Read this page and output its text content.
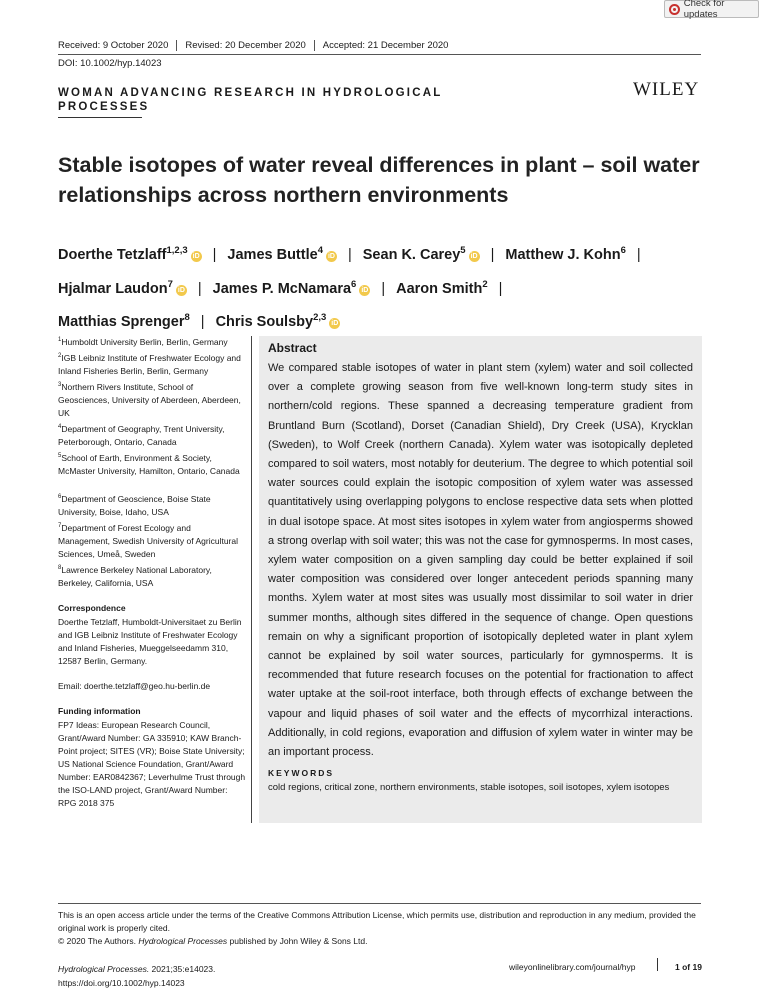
Check for updates
Received: 9 October 2020	Revised: 20 December 2020	Accepted: 21 December 2020
DOI: 10.1002/hyp.14023
WOMAN ADVANCING RESEARCH IN HYDROLOGICAL PROCESSES
WILEY
Stable isotopes of water reveal differences in plant – soil water relationships across northern environments
Doerthe Tetzlaff$^{1,2,3}$iD | James Buttle$^4$iD | Sean K. Carey$^5$iD | Matthew J. Kohn$^6$ |
Hjalmar Laudon$^7$iD | James P. McNamara$^6$iD | Aaron Smith$^2$ |
Matthias Sprenger$^8$ | Chris Soulsby$^{2,3}$iD
$^1$Humboldt University Berlin, Berlin, Germany
$^2$IGB Leibniz Institute of Freshwater Ecology and Inland Fisheries Berlin, Berlin, Germany
$^3$Northern Rivers Institute, School of Geosciences, University of Aberdeen, Aberdeen, UK
$^4$Department of Geography, Trent University, Peterborough, Ontario, Canada
$^5$School of Earth, Environment & Society, McMaster University, Hamilton, Ontario, Canada
$^6$Department of Geoscience, Boise State University, Boise, Idaho, USA
$^7$Department of Forest Ecology and Management, Swedish University of Agricultural Sciences, Umeå, Sweden
$^8$Lawrence Berkeley National Laboratory, Berkeley, California, USA
Correspondence
Doerthe Tetzlaff, Humboldt-Universitaet zu Berlin and IGB Leibniz Institute of Freshwater Ecology and Inland Fisheries, Mueggelseedamm 310, 12587 Berlin, Germany.
Email: doerthe.tetzlaff@geo.hu-berlin.de
Funding information
FP7 Ideas: European Research Council, Grant/Award Number: GA 335910; KAW Branch-Point project; SITES (VR); Boise State University; US National Science Foundation, Grant/Award Number: EAR0842367; Leverhulme Trust through the ISO-LAND project, Grant/Award Number: RPG 2018 375
Abstract
We compared stable isotopes of water in plant stem (xylem) water and soil collected over a complete growing season from five well-known long-term study sites in northern/cold regions. These spanned a decreasing temperature gradient from Bruntland Burn (Scotland), Dorset (Canadian Shield), Dry Creek (USA), Krycklan (Sweden), to Wolf Creek (northern Canada). Xylem water was isotopically depleted compared to soil waters, most notably for deuterium. The degree to which potential soil water sources could explain the isotopic composition of xylem water was assessed quantitatively using overlapping polygons to enclose respective data sets when plotted in dual isotope space. At most sites isotopes in xylem water from angiosperms showed a strong overlap with soil water; this was not the case for gymnosperms. In most cases, xylem water composition on a given sampling day could be better explained if soil water composition was considered over longer antecedent periods spanning many months. Xylem water at most sites was usually most dissimilar to soil water in drier summer months, although sites differed in the sequence of change. Open questions remain on why a significant proportion of isotopically depleted water in plant xylem cannot be explained by soil water sources, particularly for gymnosperms. It is recommended that future research focuses on the potential for fractionation to affect water uptake at the soil-root interface, both through effects of exchange between the vapour and liquid phases of soil water and the effects of mycorrhizal interactions. Additionally, in cold regions, evaporation and diffusion of xylem water in winter may be an important process.
KEYWORDS
cold regions, critical zone, northern environments, stable isotopes, soil isotopes, xylem isotopes
This is an open access article under the terms of the Creative Commons Attribution License, which permits use, distribution and reproduction in any medium, provided the original work is properly cited.
© 2020 The Authors. Hydrological Processes published by John Wiley & Sons Ltd.
Hydrological Processes. 2021;35:e14023.
https://doi.org/10.1002/hyp.14023
wileyonlinelibrary.com/journal/hyp	1 of 19
